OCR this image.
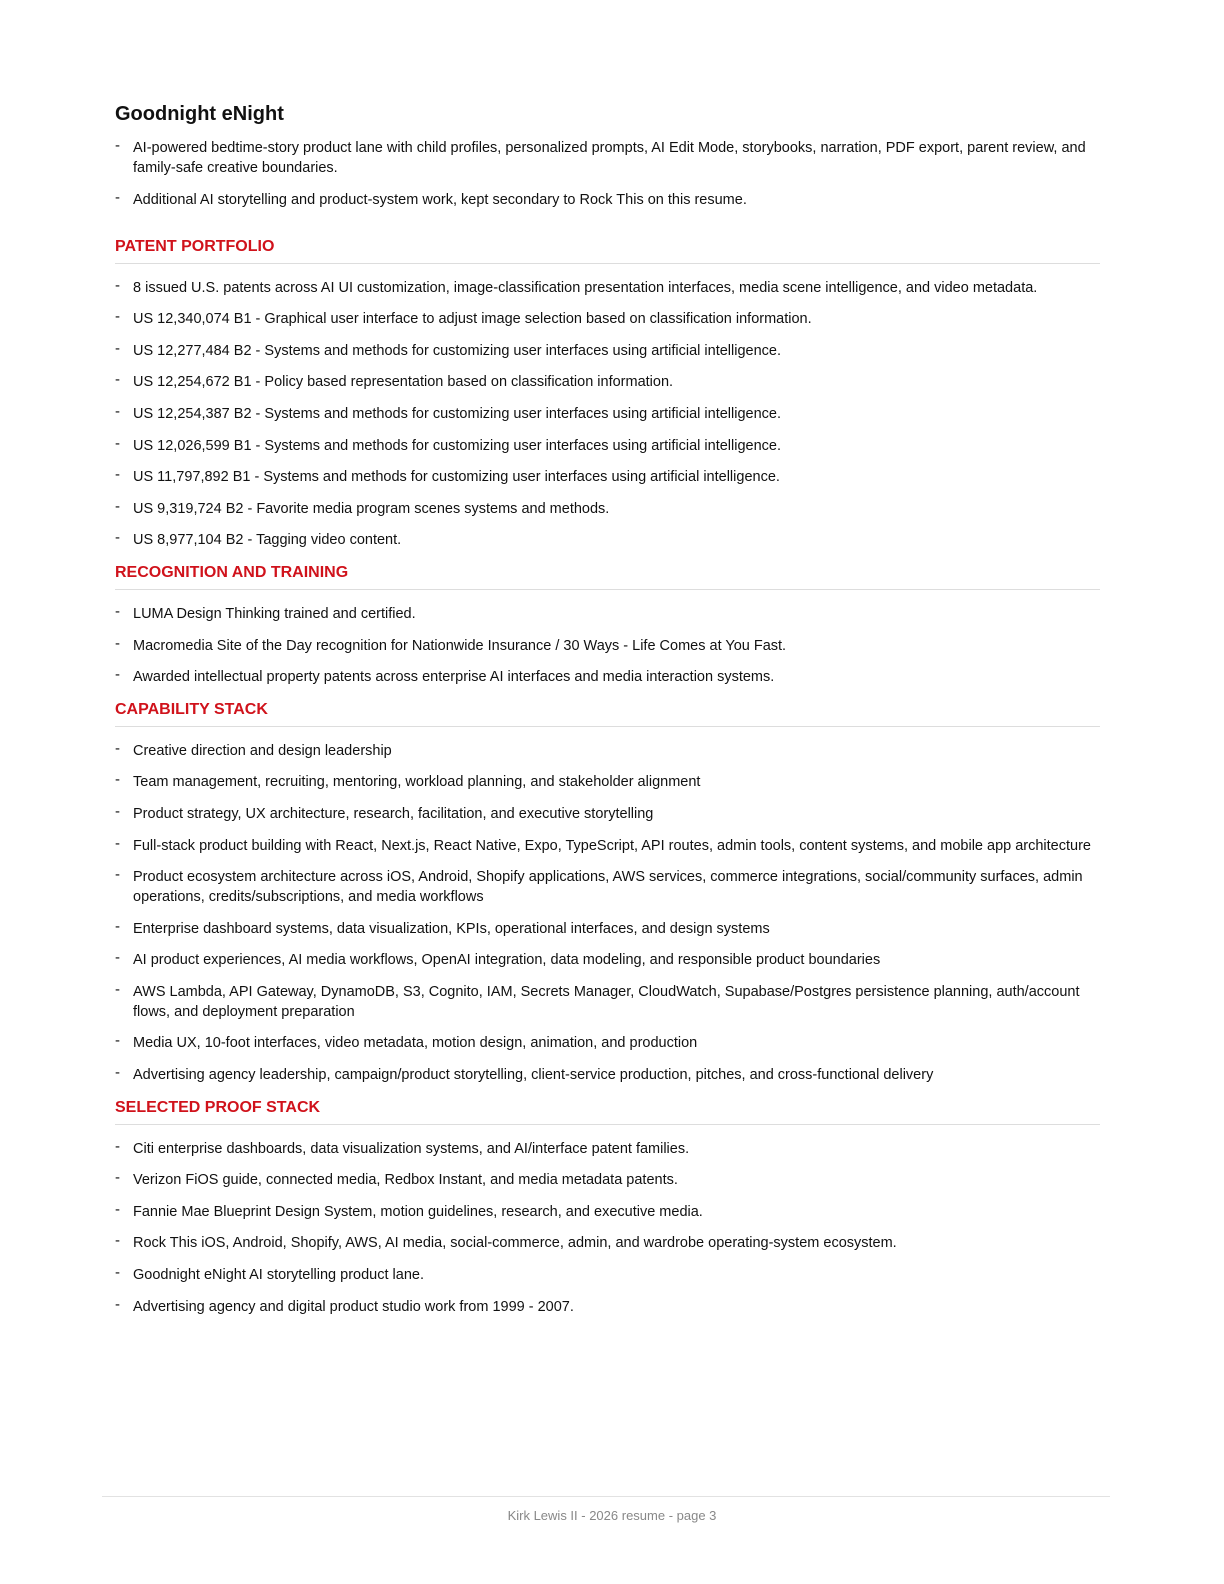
Goodnight eNight
- AI-powered bedtime-story product lane with child profiles, personalized prompts, AI Edit Mode, storybooks, narration, PDF export, parent review, and family-safe creative boundaries.
- Additional AI storytelling and product-system work, kept secondary to Rock This on this resume.
PATENT PORTFOLIO
- 8 issued U.S. patents across AI UI customization, image-classification presentation interfaces, media scene intelligence, and video metadata.
- US 12,340,074 B1 - Graphical user interface to adjust image selection based on classification information.
- US 12,277,484 B2 - Systems and methods for customizing user interfaces using artificial intelligence.
- US 12,254,672 B1 - Policy based representation based on classification information.
- US 12,254,387 B2 - Systems and methods for customizing user interfaces using artificial intelligence.
- US 12,026,599 B1 - Systems and methods for customizing user interfaces using artificial intelligence.
- US 11,797,892 B1 - Systems and methods for customizing user interfaces using artificial intelligence.
- US 9,319,724 B2 - Favorite media program scenes systems and methods.
- US 8,977,104 B2 - Tagging video content.
RECOGNITION AND TRAINING
- LUMA Design Thinking trained and certified.
- Macromedia Site of the Day recognition for Nationwide Insurance / 30 Ways - Life Comes at You Fast.
- Awarded intellectual property patents across enterprise AI interfaces and media interaction systems.
CAPABILITY STACK
- Creative direction and design leadership
- Team management, recruiting, mentoring, workload planning, and stakeholder alignment
- Product strategy, UX architecture, research, facilitation, and executive storytelling
- Full-stack product building with React, Next.js, React Native, Expo, TypeScript, API routes, admin tools, content systems, and mobile app architecture
- Product ecosystem architecture across iOS, Android, Shopify applications, AWS services, commerce integrations, social/community surfaces, admin operations, credits/subscriptions, and media workflows
- Enterprise dashboard systems, data visualization, KPIs, operational interfaces, and design systems
- AI product experiences, AI media workflows, OpenAI integration, data modeling, and responsible product boundaries
- AWS Lambda, API Gateway, DynamoDB, S3, Cognito, IAM, Secrets Manager, CloudWatch, Supabase/Postgres persistence planning, auth/account flows, and deployment preparation
- Media UX, 10-foot interfaces, video metadata, motion design, animation, and production
- Advertising agency leadership, campaign/product storytelling, client-service production, pitches, and cross-functional delivery
SELECTED PROOF STACK
- Citi enterprise dashboards, data visualization systems, and AI/interface patent families.
- Verizon FiOS guide, connected media, Redbox Instant, and media metadata patents.
- Fannie Mae Blueprint Design System, motion guidelines, research, and executive media.
- Rock This iOS, Android, Shopify, AWS, AI media, social-commerce, admin, and wardrobe operating-system ecosystem.
- Goodnight eNight AI storytelling product lane.
- Advertising agency and digital product studio work from 1999 - 2007.
Kirk Lewis II - 2026 resume - page 3
